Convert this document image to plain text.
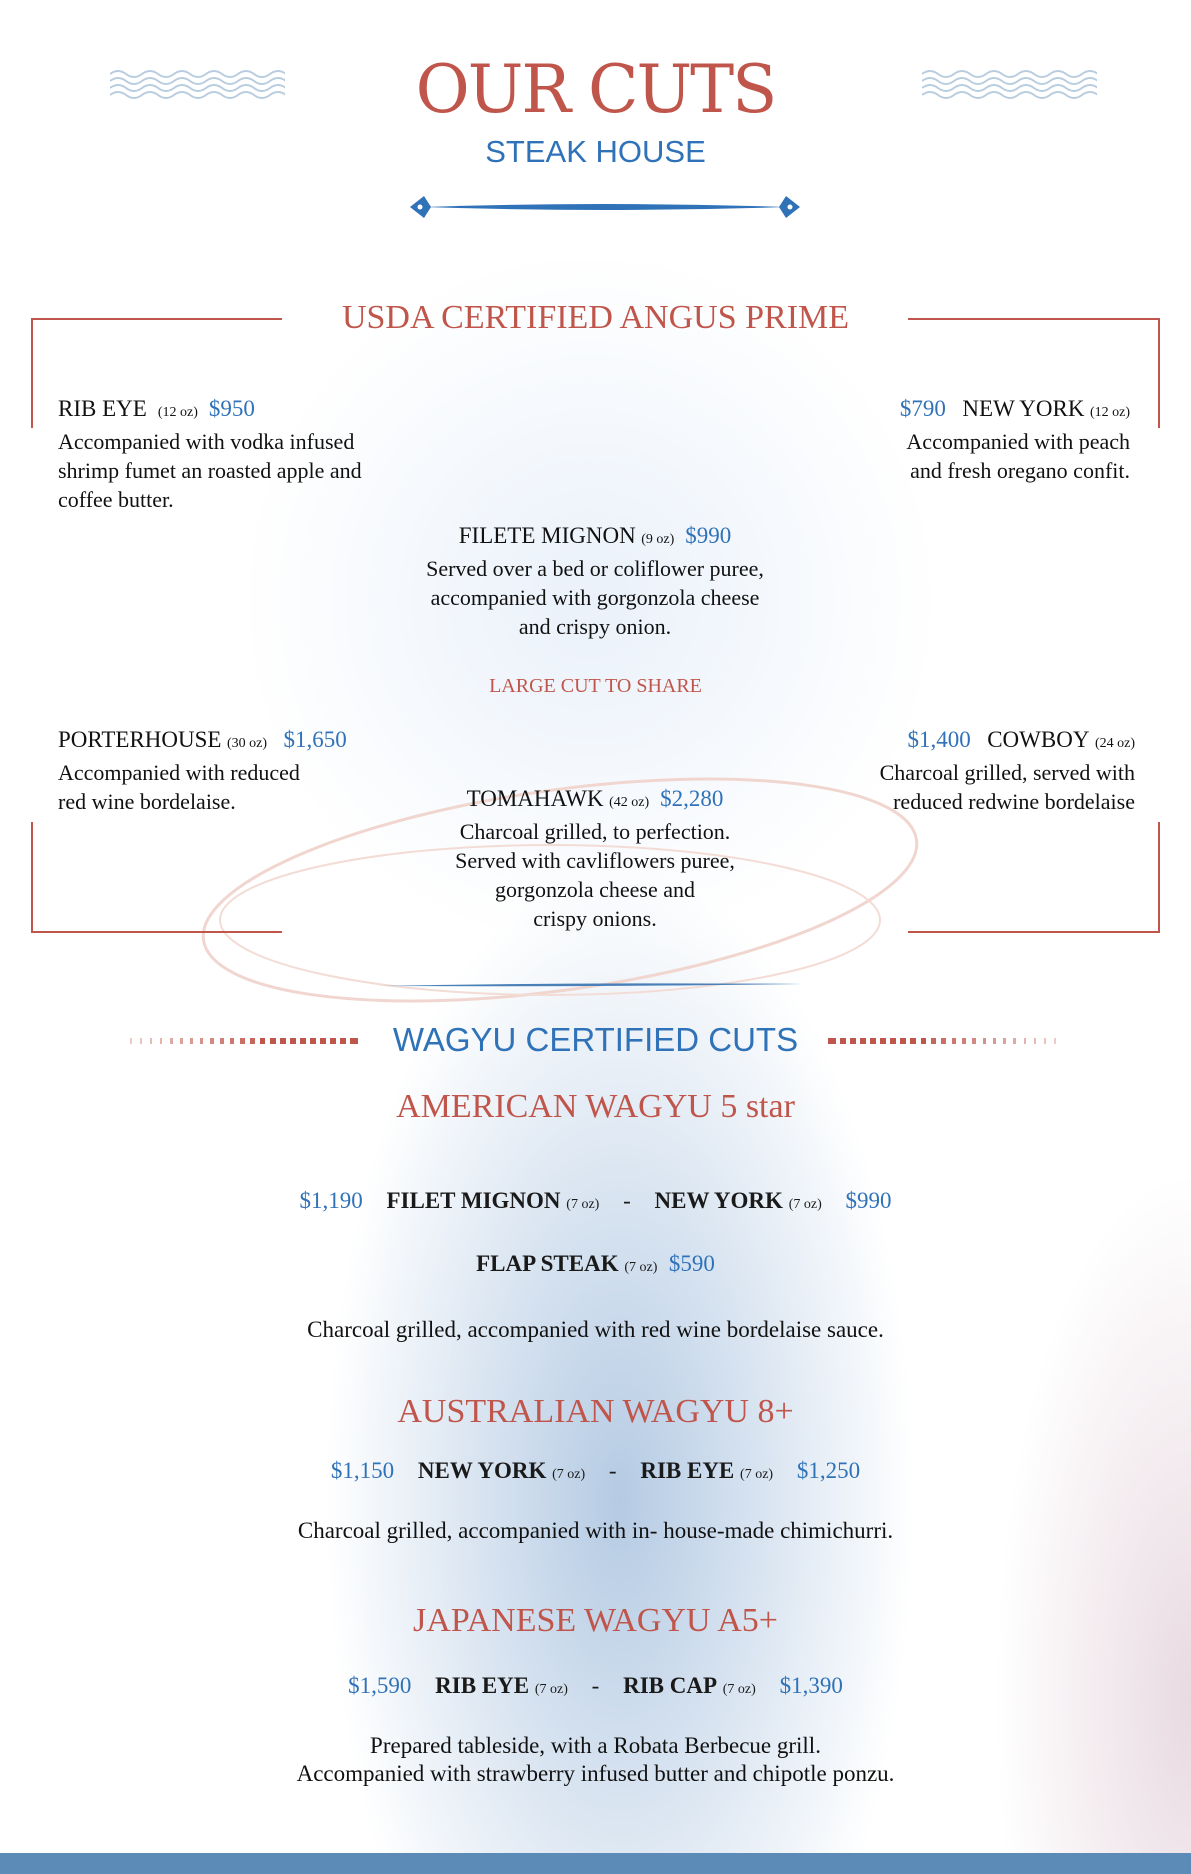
OUR CUTS
STEAK HOUSE
USDA CERTIFIED ANGUS PRIME
RIB EYE (12 oz) $950
Accompanied with vodka infused
shrimp fumet an roasted apple and
coffee butter.
$790 NEW YORK (12 oz)
Accompanied with peach
and fresh oregano confit.
FILETE MIGNON (9 oz) $990
Served over a bed or coliflower puree,
accompanied with gorgonzola cheese
and crispy onion.
LARGE CUT TO SHARE
PORTERHOUSE (30 oz) $1,650
Accompanied with reduced
red wine bordelaise.
$1,400 COWBOY (24 oz)
Charcoal grilled, served with
reduced redwine bordelaise
TOMAHAWK (42 oz) $2,280
Charcoal grilled, to perfection.
Served with cavliflowers puree,
gorgonzola cheese and
crispy onions.
WAGYU CERTIFIED CUTS
AMERICAN WAGYU 5 star
$1,190 FILET MIGNON (7 oz) - NEW YORK (7 oz) $990
FLAP STEAK (7 oz) $590
Charcoal grilled, accompanied with red wine bordelaise sauce.
AUSTRALIAN WAGYU 8+
$1,150 NEW YORK (7 oz) - RIB EYE (7 oz) $1,250
Charcoal grilled, accompanied with in- house-made chimichurri.
JAPANESE WAGYU A5+
$1,590 RIB EYE (7 oz) - RIB CAP (7 oz) $1,390
Prepared tableside, with a Robata Berbecue grill.
Accompanied with strawberry infused butter and chipotle ponzu.
